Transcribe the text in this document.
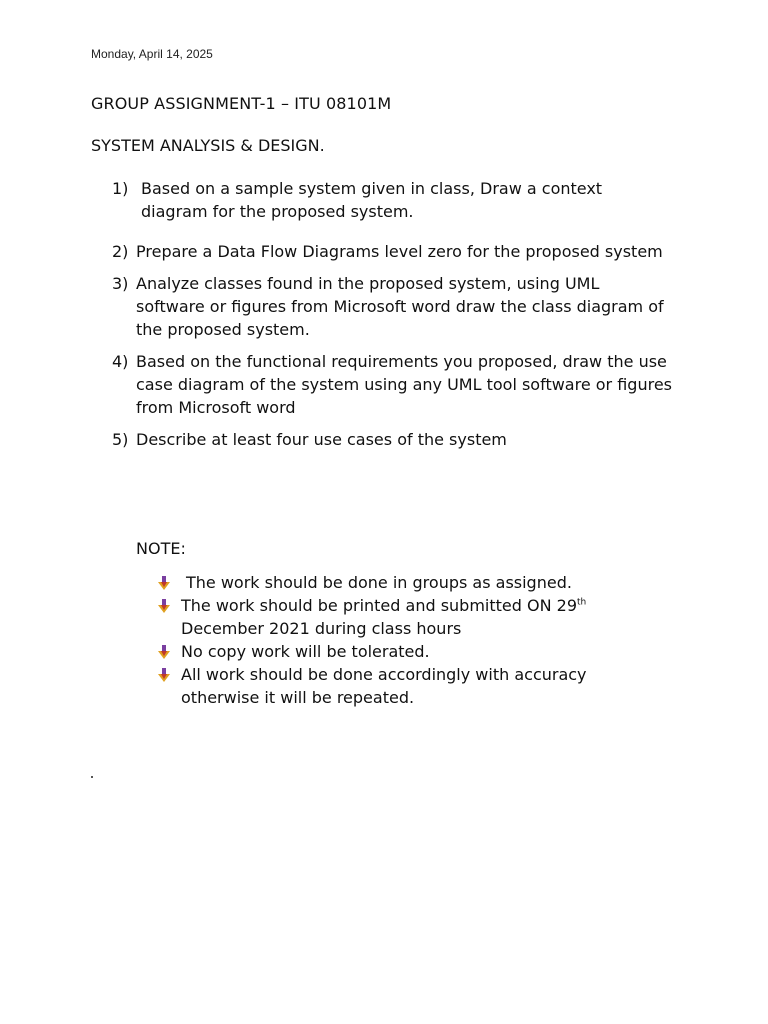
Monday, April 14, 2025
GROUP ASSIGNMENT-1 – ITU 08101M
SYSTEM ANALYSIS & DESIGN.
1) Based on a sample system given in class, Draw a context diagram for the proposed system.
2) Prepare a Data Flow Diagrams level zero for the proposed system
3) Analyze classes found in the proposed system, using UML software or figures from Microsoft word draw the class diagram of the proposed system.
4) Based on the functional requirements you proposed, draw the use case diagram of the system using any UML tool software or figures from Microsoft word
5) Describe at least four use cases of the system
NOTE:
The work should be done in groups as assigned.
The work should be printed and submitted ON 29th December 2021 during class hours
No copy work will be tolerated.
All work should be done accordingly with accuracy otherwise it will be repeated.
